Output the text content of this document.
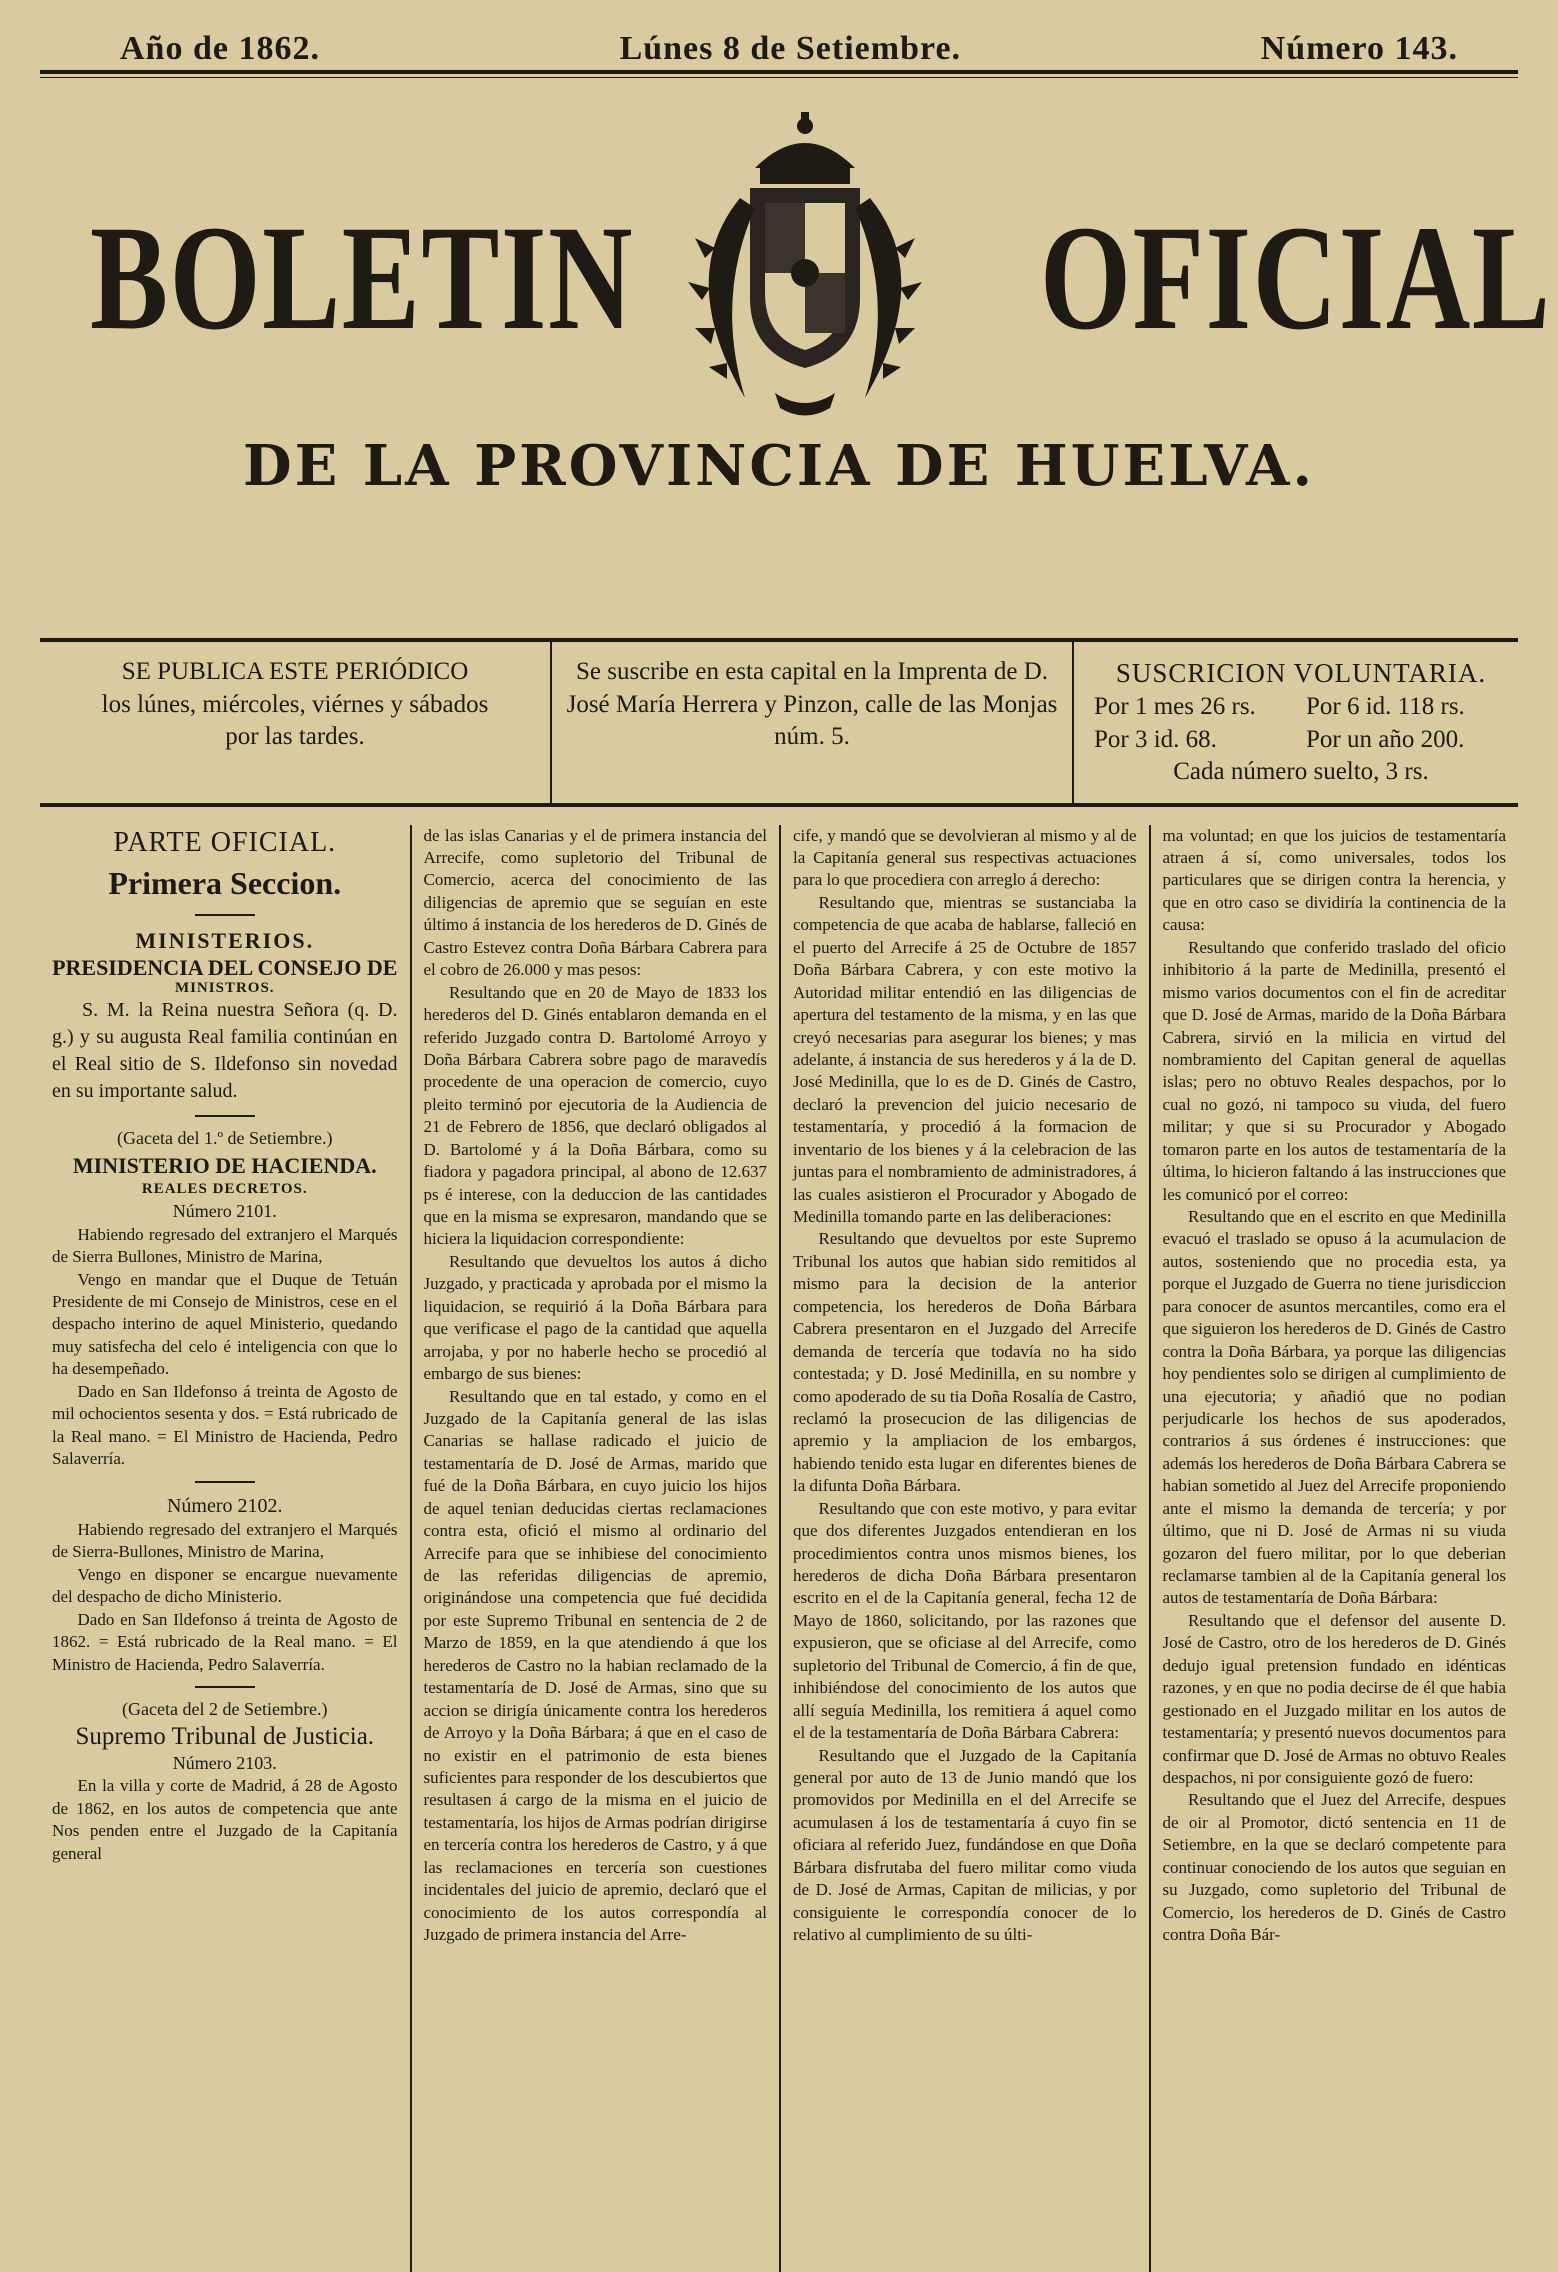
Año de 1862.	Lúnes 8 de Setiembre.	Número 143.
BOLETIN	OFICIAL
DE LA PROVINCIA DE HUELVA.
SE PUBLICA ESTE PERIÓDICO
los lúnes, miércoles, viérnes y sábados
por las tardes.
Se suscribe en esta capital en la Imprenta de D. José María Herrera y Pinzon, calle de las Monjas núm. 5.
SUSCRICION VOLUNTARIA.
Por 1 mes 26 rs.	Por 6 id. 118 rs.
Por 3 id. 68.	Por un año 200.
Cada número suelto, 3 rs.

PARTE OFICIAL.

Primera Seccion.

MINISTERIOS.

PRESIDENCIA DEL CONSEJO DE
MINISTROS.

S. M. la Reina nuestra Señora (q. D. g.) y su augusta Real familia continúan en el Real sitio de S. Ildefonso sin novedad en su importante salud.

(Gaceta del 1.º de Setiembre.)

MINISTERIO DE HACIENDA.

REALES DECRETOS.

Número 2101.

Habiendo regresado del extranjero el Marqués de Sierra Bullones, Ministro de Marina,

Vengo en mandar que el Duque de Tetuán Presidente de mi Consejo de Ministros, cese en el despacho interino de aquel Ministerio, quedando muy satisfecha del celo é inteligencia con que lo ha desempeñado.

Dado en San Ildefonso á treinta de Agosto de mil ochocientos sesenta y dos. = Está rubricado de la Real mano. = El Ministro de Hacienda, Pedro Salaverría.

Número 2102.

Habiendo regresado del extranjero el Marqués de Sierra-Bullones, Ministro de Marina,

Vengo en disponer se encargue nuevamente del despacho de dicho Ministerio.

Dado en San Ildefonso á treinta de Agosto de 1862. = Está rubricado de la Real mano. = El Ministro de Hacienda, Pedro Salaverría.

(Gaceta del 2 de Setiembre.)

Supremo Tribunal de Justicia.

Número 2103.

En la villa y corte de Madrid, á 28 de Agosto de 1862, en los autos de competencia que ante Nos penden entre el Juzgado de la Capitanía general

de las islas Canarias y el de primera instancia del Arrecife, como supletorio del Tribunal de Comercio, acerca del conocimiento de las diligencias de apremio que se seguían en este último á instancia de los herederos de D. Ginés de Castro Estevez contra Doña Bárbara Cabrera para el cobro de 26.000 y mas pesos:

Resultando que en 20 de Mayo de 1833 los herederos del D. Ginés entablaron demanda en el referido Juzgado contra D. Bartolomé Arroyo y Doña Bárbara Cabrera sobre pago de maravedís procedente de una operacion de comercio, cuyo pleito terminó por ejecutoria de la Audiencia de 21 de Febrero de 1856, que declaró obligados al D. Bartolomé y á la Doña Bárbara, como su fiadora y pagadora principal, al abono de 12.637 ps é interese, con la deduccion de las cantidades que en la misma se expresaron, mandando que se hiciera la liquidacion correspondiente:

Resultando que devueltos los autos á dicho Juzgado, y practicada y aprobada por el mismo la liquidacion, se requirió á la Doña Bárbara para que verificase el pago de la cantidad que aquella arrojaba, y por no haberle hecho se procedió al embargo de sus bienes:

Resultando que en tal estado, y como en el Juzgado de la Capitanía general de las islas Canarias se hallase radicado el juicio de testamentaría de D. José de Armas, marido que fué de la Doña Bárbara, en cuyo juicio los hijos de aquel tenian deducidas ciertas reclamaciones contra esta, ofició el mismo al ordinario del Arrecife para que se inhibiese del conocimiento de las referidas diligencias de apremio, originándose una competencia que fué decidida por este Supremo Tribunal en sentencia de 2 de Marzo de 1859, en la que atendiendo á que los herederos de Castro no la habian reclamado de la testamentaría de D. José de Armas, sino que su accion se dirigía únicamente contra los herederos de Arroyo y la Doña Bárbara; á que en el caso de no existir en el patrimonio de esta bienes suficientes para responder de los descubiertos que resultasen á cargo de la misma en el juicio de testamentaría, los hijos de Armas podrían dirigirse en tercería contra los herederos de Castro, y á que las reclamaciones en tercería son cuestiones incidentales del juicio de apremio, declaró que el conocimiento de los autos correspondía al Juzgado de primera instancia del Arre-

cife, y mandó que se devolvieran al mismo y al de la Capitanía general sus respectivas actuaciones para lo que procediera con arreglo á derecho:

Resultando que, mientras se sustanciaba la competencia de que acaba de hablarse, falleció en el puerto del Arrecife á 25 de Octubre de 1857 Doña Bárbara Cabrera, y con este motivo la Autoridad militar entendió en las diligencias de apertura del testamento de la misma, y en las que creyó necesarias para asegurar los bienes; y mas adelante, á instancia de sus herederos y á la de D. José Medinilla, que lo es de D. Ginés de Castro, declaró la prevencion del juicio necesario de testamentaría, y procedió á la formacion de inventario de los bienes y á la celebracion de las juntas para el nombramiento de administradores, á las cuales asistieron el Procurador y Abogado de Medinilla tomando parte en las deliberaciones:

Resultando que devueltos por este Supremo Tribunal los autos que habian sido remitidos al mismo para la decision de la anterior competencia, los herederos de Doña Bárbara Cabrera presentaron en el Juzgado del Arrecife demanda de tercería que todavía no ha sido contestada; y D. José Medinilla, en su nombre y como apoderado de su tia Doña Rosalía de Castro, reclamó la prosecucion de las diligencias de apremio y la ampliacion de los embargos, habiendo tenido esta lugar en diferentes bienes de la difunta Doña Bárbara.

Resultando que con este motivo, y para evitar que dos diferentes Juzgados entendieran en los procedimientos contra unos mismos bienes, los herederos de dicha Doña Bárbara presentaron escrito en el de la Capitanía general, fecha 12 de Mayo de 1860, solicitando, por las razones que expusieron, que se oficiase al del Arrecife, como supletorio del Tribunal de Comercio, á fin de que, inhibiéndose del conocimiento de los autos que allí seguía Medinilla, los remitiera á aquel como el de la testamentaría de Doña Bárbara Cabrera:

Resultando que el Juzgado de la Capitanía general por auto de 13 de Junio mandó que los promovidos por Medinilla en el del Arrecife se acumulasen á los de testamentaría á cuyo fin se oficiara al referido Juez, fundándose en que Doña Bárbara disfrutaba del fuero militar como viuda de D. José de Armas, Capitan de milicias, y por consiguiente le correspondía conocer de lo relativo al cumplimiento de su últi-

ma voluntad; en que los juicios de testamentaría atraen á sí, como universales, todos los particulares que se dirigen contra la herencia, y que en otro caso se dividiría la continencia de la causa:

Resultando que conferido traslado del oficio inhibitorio á la parte de Medinilla, presentó el mismo varios documentos con el fin de acreditar que D. José de Armas, marido de la Doña Bárbara Cabrera, sirvió en la milicia en virtud del nombramiento del Capitan general de aquellas islas; pero no obtuvo Reales despachos, por lo cual no gozó, ni tampoco su viuda, del fuero militar; y que si su Procurador y Abogado tomaron parte en los autos de testamentaría de la última, lo hicieron faltando á las instrucciones que les comunicó por el correo:

Resultando que en el escrito en que Medinilla evacuó el traslado se opuso á la acumulacion de autos, sosteniendo que no procedia esta, ya porque el Juzgado de Guerra no tiene jurisdiccion para conocer de asuntos mercantiles, como era el que siguieron los herederos de D. Ginés de Castro contra la Doña Bárbara, ya porque las diligencias hoy pendientes solo se dirigen al cumplimiento de una ejecutoria; y añadió que no podian perjudicarle los hechos de sus apoderados, contrarios á sus órdenes é instrucciones: que además los herederos de Doña Bárbara Cabrera se habian sometido al Juez del Arrecife proponiendo ante el mismo la demanda de tercería; y por último, que ni D. José de Armas ni su viuda gozaron del fuero militar, por lo que deberian reclamarse tambien al de la Capitanía general los autos de testamentaría de Doña Bárbara:

Resultando que el defensor del ausente D. José de Castro, otro de los herederos de D. Ginés dedujo igual pretension fundado en idénticas razones, y en que no podia decirse de él que habia gestionado en el Juzgado militar en los autos de testamentaría; y presentó nuevos documentos para confirmar que D. José de Armas no obtuvo Reales despachos, ni por consiguiente gozó de fuero:

Resultando que el Juez del Arrecife, despues de oir al Promotor, dictó sentencia en 11 de Setiembre, en la que se declaró competente para continuar conociendo de los autos que seguian en su Juzgado, como supletorio del Tribunal de Comercio, los herederos de D. Ginés de Castro contra Doña Bár-
